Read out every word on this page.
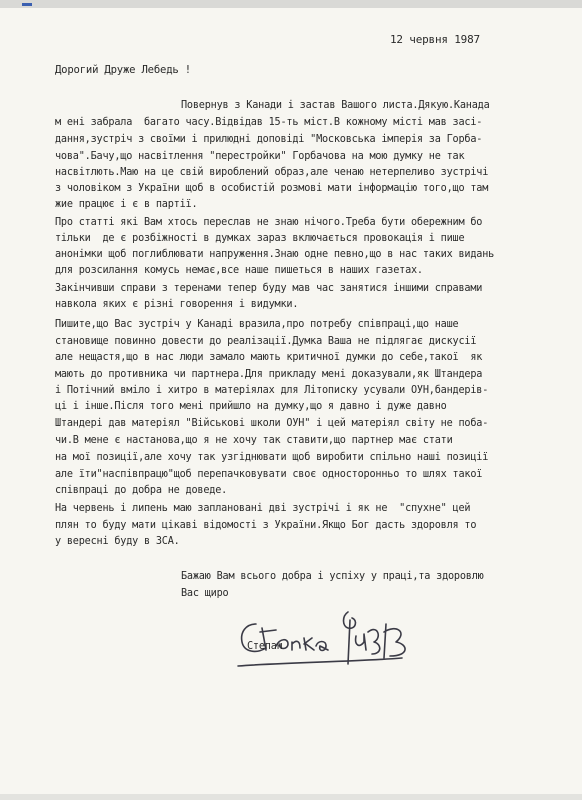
12 червня 1987
Дорогий Друже Лебедь !
Повернув з Канади і застав Вашого листа.Дякую.Канада
м ені забрала  багато часу.Відвідав 15-ть міст.В кожному місті мав засі-
дання,зустріч з своїми і прилюдні доповіді "Московська імперія за Горба-
чова".Бачу,що насвітлення "перестройки" Горбачова на мою думку не так
насвітлють.Маю на це свій вироблений образ,але ченаю нетерпеливо зустрічі
з чоловіком з України щоб в особистій розмові мати інформацію того,що там
жие працює і є в партії.
Про статті які Вам хтось переслав не знаю нічого.Треба бути обережним бо
тільки  де є розбіжності в думках зараз включається провокація і пише
анонімки щоб поглиблювати напруження.Знаю одне певно,що в нас таких видань
для розсилання комусь немає,все наше пишеться в наших газетах.
Закінчивши справи з теренами тепер буду мав час занятися іншими справами
навкола яких є різні говорення і видумки.
Пишите,що Вас зустріч у Канаді вразила,про потребу співпраці,що наше
становище повинно довести до реалізації.Думка Ваша не підлягає дискусії
але нещастя,що в нас люди замало мають критичної думки до себе,такої  як
мають до противника чи партнера.Для прикладу мені доказували,як Штандера
і Потічний вміло і хитро в матеріялах для Літописку усували ОУН,бандерів-
ці і інше.Після того мені прийшло на думку,що я давно і дуже давно
Штандері дав матеріял "Військові школи ОУН" і цей матеріял світу не поба-
чи.В мене є настанова,що я не хочу так ставити,що партнер має стати
на мої позиції,але хочу так узгіднювати щоб виробити спільно наші позиції
але їти"наспівпрацю"щоб перепачковувати своє односторонньо то шлях такої
співпраці до добра не доведе.
На червень і липень маю заплановані дві зустрічі і як не  "спухне" цей
плян то буду мати цікаві відомості з України.Якщо Бог дасть здоровля то
у вересні буду в ЗСА.
Бажаю Вам всього добра і успіху у праці,та здоровлю
Вас щиро
Степан
